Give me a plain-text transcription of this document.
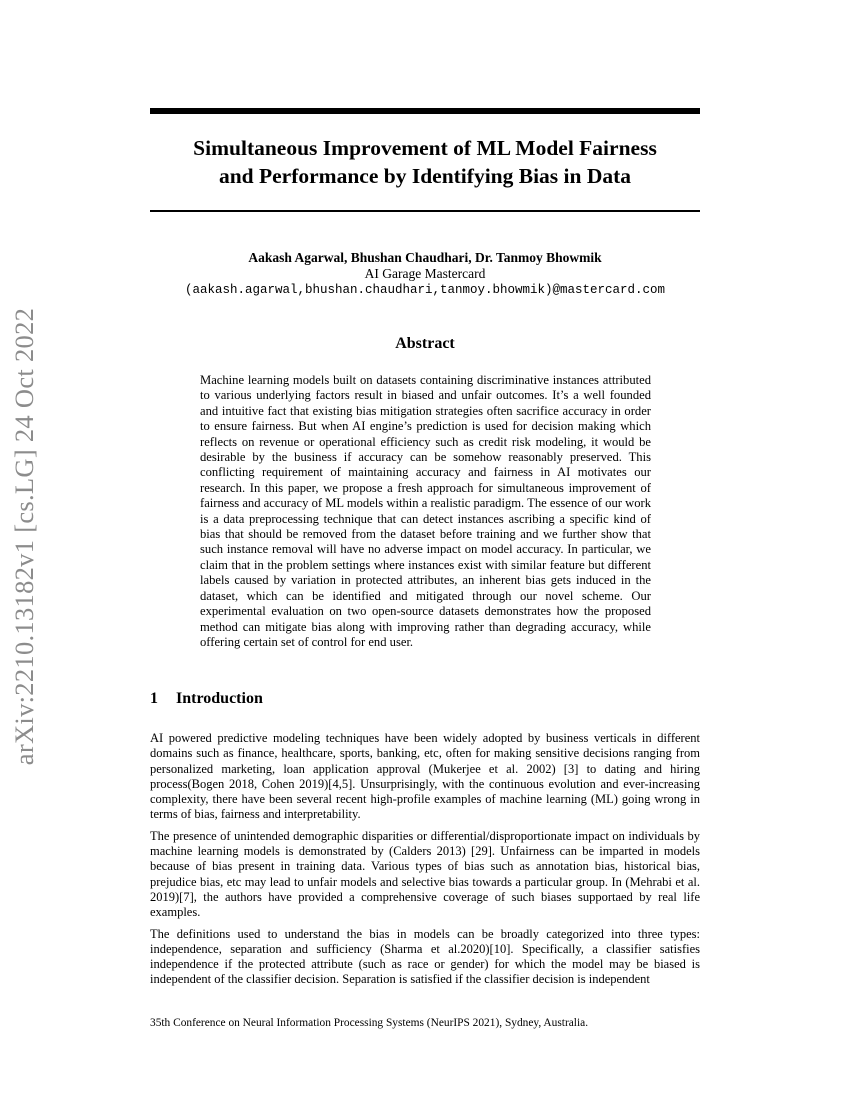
arXiv:2210.13182v1 [cs.LG] 24 Oct 2022
Simultaneous Improvement of ML Model Fairness
and Performance by Identifying Bias in Data
Aakash Agarwal, Bhushan Chaudhari, Dr. Tanmoy Bhowmik
AI Garage Mastercard
(aakash.agarwal,bhushan.chaudhari,tanmoy.bhowmik)@mastercard.com
Abstract

Machine learning models built on datasets containing discriminative instances attributed to various underlying factors result in biased and unfair outcomes. It’s a well founded and intuitive fact that existing bias mitigation strategies often sacrifice accuracy in order to ensure fairness. But when AI engine’s prediction is used for decision making which reflects on revenue or operational efficiency such as credit risk modeling, it would be desirable by the business if accuracy can be somehow reasonably preserved. This conflicting requirement of maintaining accuracy and fairness in AI motivates our research. In this paper, we propose a fresh approach for simultaneous improvement of fairness and accuracy of ML models within a realistic paradigm. The essence of our work is a data preprocessing technique that can detect instances ascribing a specific kind of bias that should be removed from the dataset before training and we further show that such instance removal will have no adverse impact on model accuracy. In particular, we claim that in the problem settings where instances exist with similar feature but different labels caused by variation in protected attributes, an inherent bias gets induced in the dataset, which can be identified and mitigated through our novel scheme. Our experimental evaluation on two open-source datasets demonstrates how the proposed method can mitigate bias along with improving rather than degrading accuracy, while offering certain set of control for end user.

1 Introduction

AI powered predictive modeling techniques have been widely adopted by business verticals in different domains such as finance, healthcare, sports, banking, etc, often for making sensitive decisions ranging from personalized marketing, loan application approval (Mukerjee et al. 2002) [3] to dating and hiring process(Bogen 2018, Cohen 2019)[4,5]. Unsurprisingly, with the continuous evolution and ever-increasing complexity, there have been several recent high-profile examples of machine learning (ML) going wrong in terms of bias, fairness and interpretability.

The presence of unintended demographic disparities or differential/disproportionate impact on individuals by machine learning models is demonstrated by (Calders 2013) [29]. Unfairness can be imparted in models because of bias present in training data. Various types of bias such as annotation bias, historical bias, prejudice bias, etc may lead to unfair models and selective bias towards a particular group. In (Mehrabi et al. 2019)[7], the authors have provided a comprehensive coverage of such biases supportaed by real life examples.

The definitions used to understand the bias in models can be broadly categorized into three types: independence, separation and sufficiency (Sharma et al.2020)[10]. Specifically, a classifier satisfies independence if the protected attribute (such as race or gender) for which the model may be biased is independent of the classifier decision. Separation is satisfied if the classifier decision is independent

35th Conference on Neural Information Processing Systems (NeurIPS 2021), Sydney, Australia.
